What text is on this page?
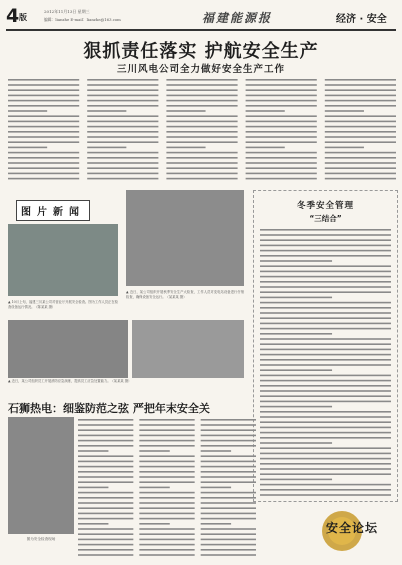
4 版
2012年11月13日 星期三
编辑：lianzhe E-mail：lianzhe@163.com	福建能源报	经济 · 安全
狠抓责任落实 护航安全生产
三川风电公司全力做好安全生产工作
图片新闻
▲ 近日，某公司组织开展秋季安全生产大检查，工作人员对变电站设备进行仔细检查，确保设备安全运行。（某某某 摄）
▲ 10月上旬，福建三川某公司对营业厅开展安全检查。图为工作人员正在检查设备运行情况。（陈某某 摄）
▲ 近日，某公司组织员工开展消防应急演练，提高员工应急处置能力。（某某某 摄）
冬季安全管理
“三结合”
石狮热电：细鉴防范之弦 严把年末安全关
图为安全检查现场
安全论坛
